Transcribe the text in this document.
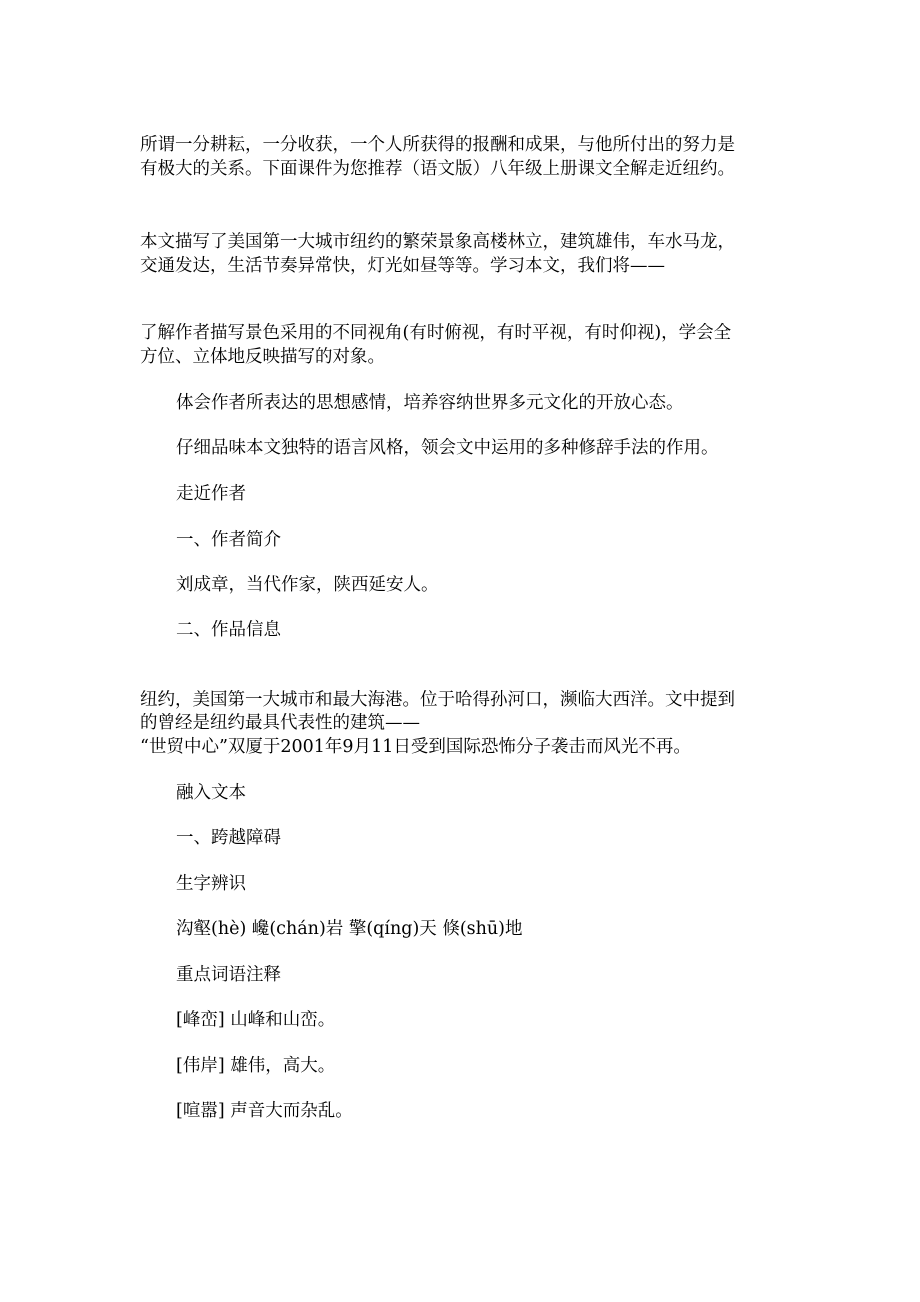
所谓一分耕耘，一分收获，一个人所获得的报酬和成果，与他所付出的努力是
有极大的关系。下面课件为您推荐（语文版）八年级上册课文全解走近纽约。
本文描写了美国第一大城市纽约的繁荣景象高楼林立，建筑雄伟，车水马龙，
交通发达，生活节奏异常快，灯光如昼等等。学习本文，我们将——
了解作者描写景色采用的不同视角(有时俯视，有时平视，有时仰视)，学会全
方位、立体地反映描写的对象。
体会作者所表达的思想感情，培养容纳世界多元文化的开放心态。
仔细品味本文独特的语言风格，领会文中运用的多种修辞手法的作用。
走近作者
一、作者简介
刘成章，当代作家，陕西延安人。
二、作品信息
纽约，美国第一大城市和最大海港。位于哈得孙河口，濒临大西洋。文中提到
的曾经是纽约最具代表性的建筑——
“世贸中心”双厦于2001年9月11日受到国际恐怖分子袭击而风光不再。
融入文本
一、跨越障碍
生字辨识
沟壑(hè) 巉(chán)岩 擎(qíng)天 倏(shū)地
重点词语注释
[峰峦] 山峰和山峦。
[伟岸] 雄伟，高大。
[喧嚣] 声音大而杂乱。
